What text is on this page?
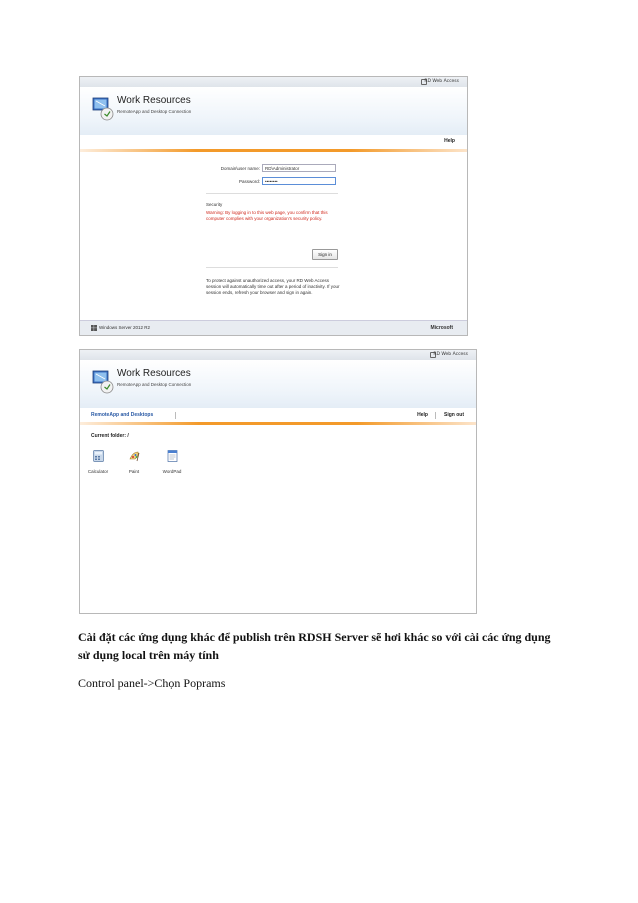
RD Web Access
Work Resources
RemoteApp and Desktop Connection
Help
Domain\user name:	RD\Administrator
Password:	••••••••
Security
Warning: By logging in to this web page, you confirm that this computer complies with your organization's security policy.
Sign in
To protect against unauthorized access, your RD Web Access session will automatically time out after a period of inactivity. If your session ends, refresh your browser and sign in again.
Windows Server 2012 R2	Microsoft
RD Web Access
Work Resources
RemoteApp and Desktop Connection
RemoteApp and Desktops	Help	Sign out
Current folder: /
Calculator	Paint	WordPad
Cài đặt các ứng dụng khác để publish trên RDSH Server sẽ hơi khác so với cài các ứng dụng sử dụng local trên máy tính
Control panel->Chọn Poprams
